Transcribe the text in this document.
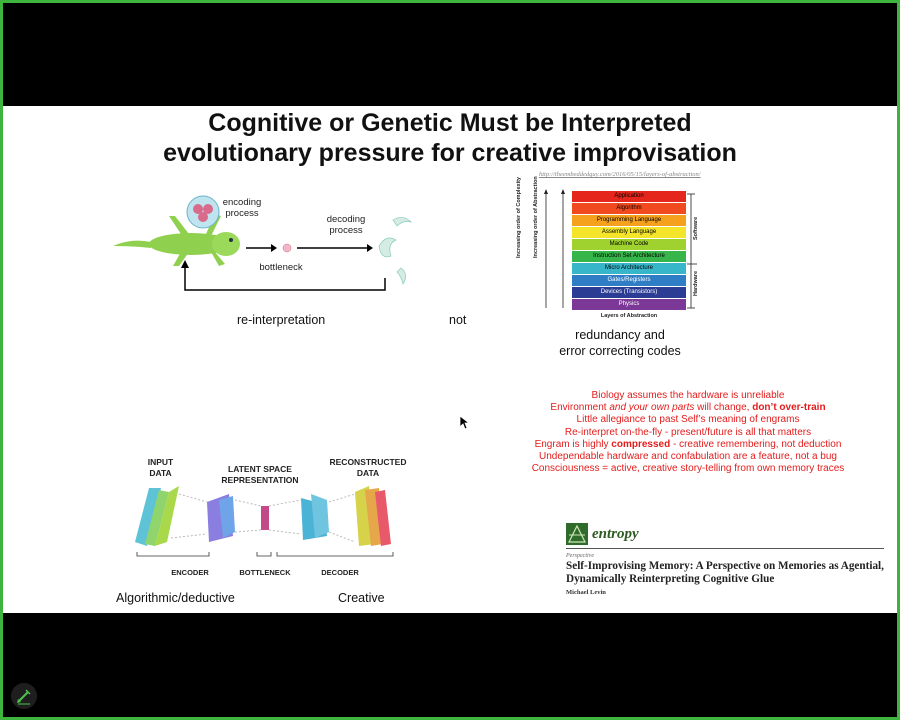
Cognitive or Genetic Must be Interpreted
evolutionary pressure for creative improvisation
encoding process
decoding process
bottleneck
re-interpretation	not
http://theembeddedguy.com/2016/05/15/layers-of-abstraction/
Application
Algorithm
Programming Language
Assembly Language
Machine Code
Instruction Set Architecture
Micro Architecture
Gates/Registers
Devices (Transistors)
Physics
Increasing order of Complexity Increasing order of Abstraction	Software
Hardware
Layers of Abstraction
redundancy and
error correcting codes
Biology assumes the hardware is unreliable
Environment and your own parts will change, don’t over-train
Little allegiance to past Self’s meaning of engrams
Re-interpret on-the-fly - present/future is all that matters
Engram is highly compressed - creative remembering, not deduction
Undependable hardware and confabulation are a feature, not a bug
Consciousness = active, creative story-telling from own memory traces
INPUT DATA	LATENT SPACE REPRESENTATION
RECONSTRUCTED DATA
ENCODER	BOTTLENECK	DECODER
Algorithmic/deductive	Creative
entropy
Perspective
Self-Improvising Memory: A Perspective on Memories as Agential, Dynamically Reinterpreting Cognitive Glue
Michael Levin
